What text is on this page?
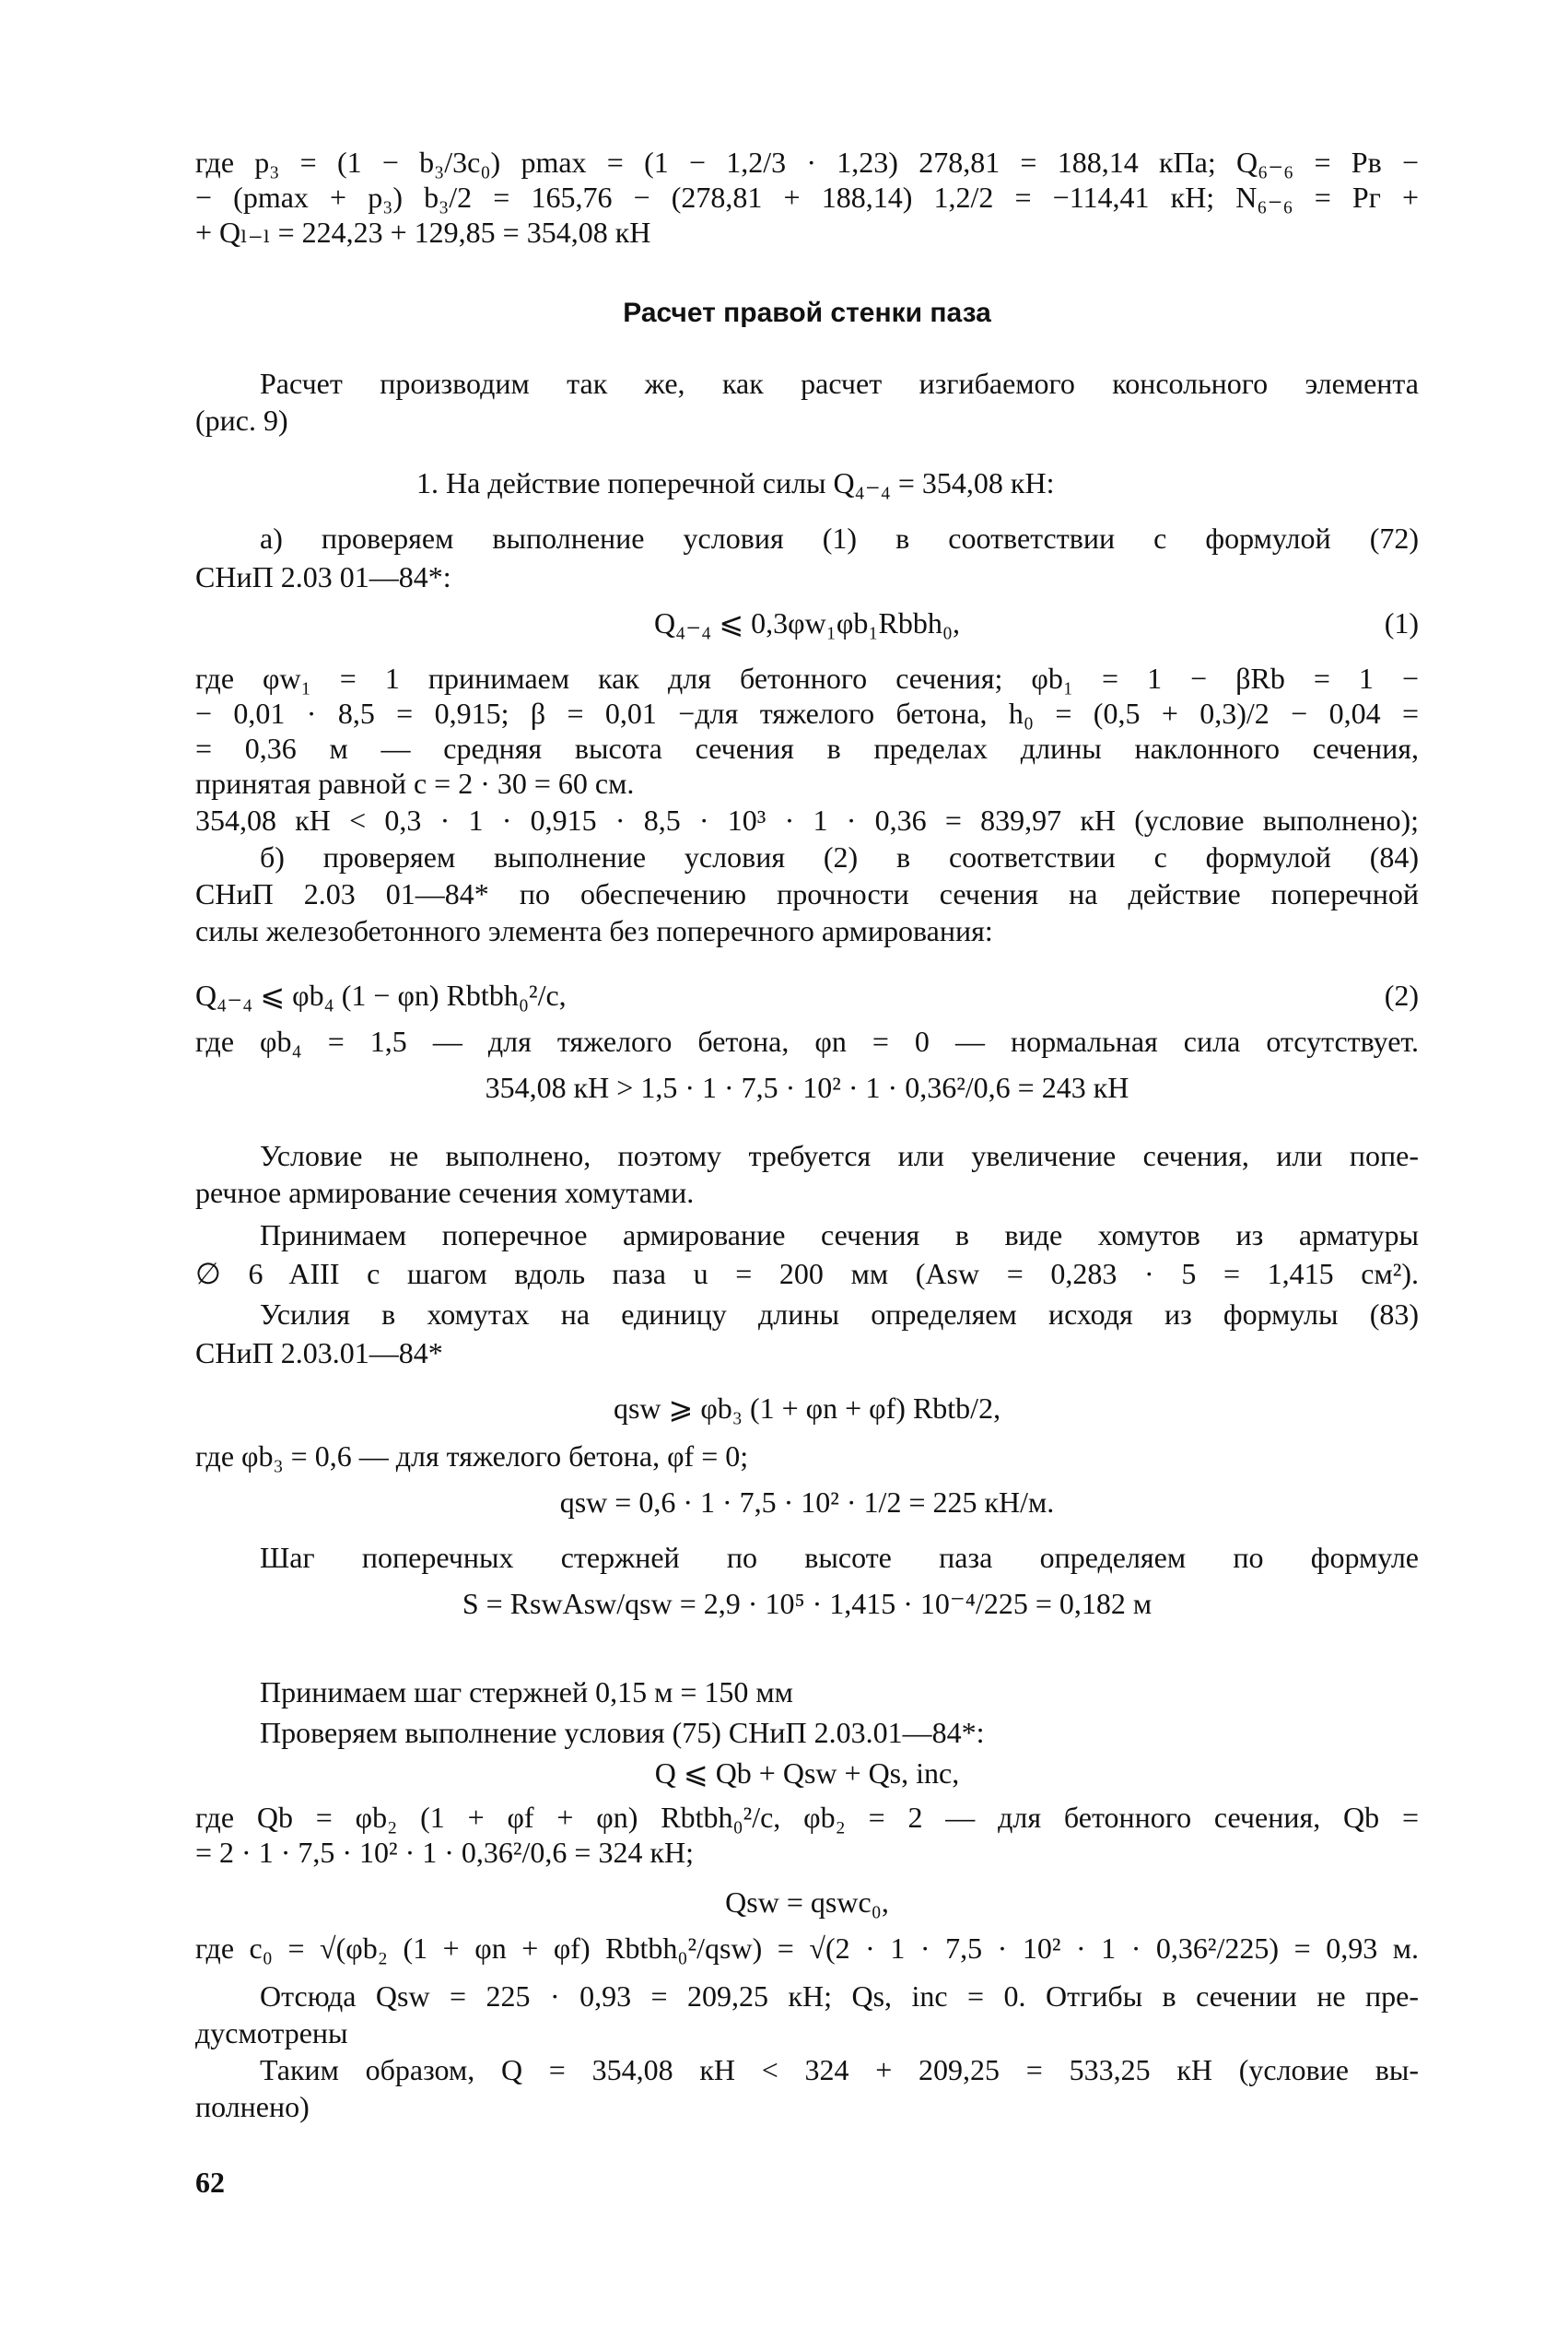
где p₃ = (1 − b₃/3c₀) pmax = (1 − 1,2/3 · 1,23) 278,81 = 188,14 кПа; Q₆₋₆ = Pв −
− (pmax + p₃) b₃/2 = 165,76 − (278,81 + 188,14) 1,2/2 = −114,41 кН; N₆₋₆ = Pг +
+ Qₗ₋ₗ = 224,23 + 129,85 = 354,08 кН
Расчет правой стенки паза
Расчет производим так же, как расчет изгибаемого консольного элемента
(рис. 9)
1. На действие поперечной силы Q₄₋₄ = 354,08 кН:
а) проверяем выполнение условия (1) в соответствии с формулой (72)
СНиП 2.03 01—84*:
Q₄₋₄ ⩽ 0,3φw₁φb₁Rbbh₀,	(1)
где φw₁ = 1 принимаем как для бетонного сечения; φb₁ = 1 − βRb = 1 −
− 0,01 · 8,5 = 0,915; β = 0,01 −для тяжелого бетона, h₀ = (0,5 + 0,3)/2 − 0,04 =
= 0,36 м — средняя высота сечения в пределах длины наклонного сечения,
принятая равной c = 2 · 30 = 60 см.
354,08 кН < 0,3 · 1 · 0,915 · 8,5 · 10³ · 1 · 0,36 = 839,97 кН (условие выполнено);
б) проверяем выполнение условия (2) в соответствии с формулой (84)
СНиП 2.03 01—84* по обеспечению прочности сечения на действие поперечной
силы железобетонного элемента без поперечного армирования:
Q₄₋₄ ⩽ φb₄ (1 − φn) Rbtbh₀²/c,	(2)
где φb₄ = 1,5 — для тяжелого бетона, φn = 0 — нормальная сила отсутствует.
354,08 кН > 1,5 · 1 · 7,5 · 10² · 1 · 0,36²/0,6 = 243 кН
Условие не выполнено, поэтому требуется или увеличение сечения, или попе-
речное армирование сечения хомутами.
Принимаем поперечное армирование сечения в виде хомутов из арматуры
∅ 6 AIII с шагом вдоль паза u = 200 мм (Asw = 0,283 · 5 = 1,415 см²).
Усилия в хомутах на единицу длины определяем исходя из формулы (83)
СНиП 2.03.01—84*
qsw ⩾ φb₃ (1 + φn + φf) Rbtb/2,
где φb₃ = 0,6 — для тяжелого бетона, φf = 0;
qsw = 0,6 · 1 · 7,5 · 10² · 1/2 = 225 кН/м.
Шаг поперечных стержней по высоте паза определяем по формуле
S = RswAsw/qsw = 2,9 · 10⁵ · 1,415 · 10⁻⁴/225 = 0,182 м
Принимаем шаг стержней 0,15 м = 150 мм
Проверяем выполнение условия (75) СНиП 2.03.01—84*:
Q ⩽ Qb + Qsw + Qs, inc,
где Qb = φb₂ (1 + φf + φn) Rbtbh₀²/c, φb₂ = 2 — для бетонного сечения, Qb =
= 2 · 1 · 7,5 · 10² · 1 · 0,36²/0,6 = 324 кН;
Qsw = qswc₀,
где c₀ = √(φb₂ (1 + φn + φf) Rbtbh₀²/qsw) = √(2 · 1 · 7,5 · 10² · 1 · 0,36²/225) = 0,93 м.
Отсюда Qsw = 225 · 0,93 = 209,25 кН; Qs, inc = 0. Отгибы в сечении не пре-
дусмотрены
Таким образом, Q = 354,08 кН < 324 + 209,25 = 533,25 кН (условие вы-
полнено)
62
